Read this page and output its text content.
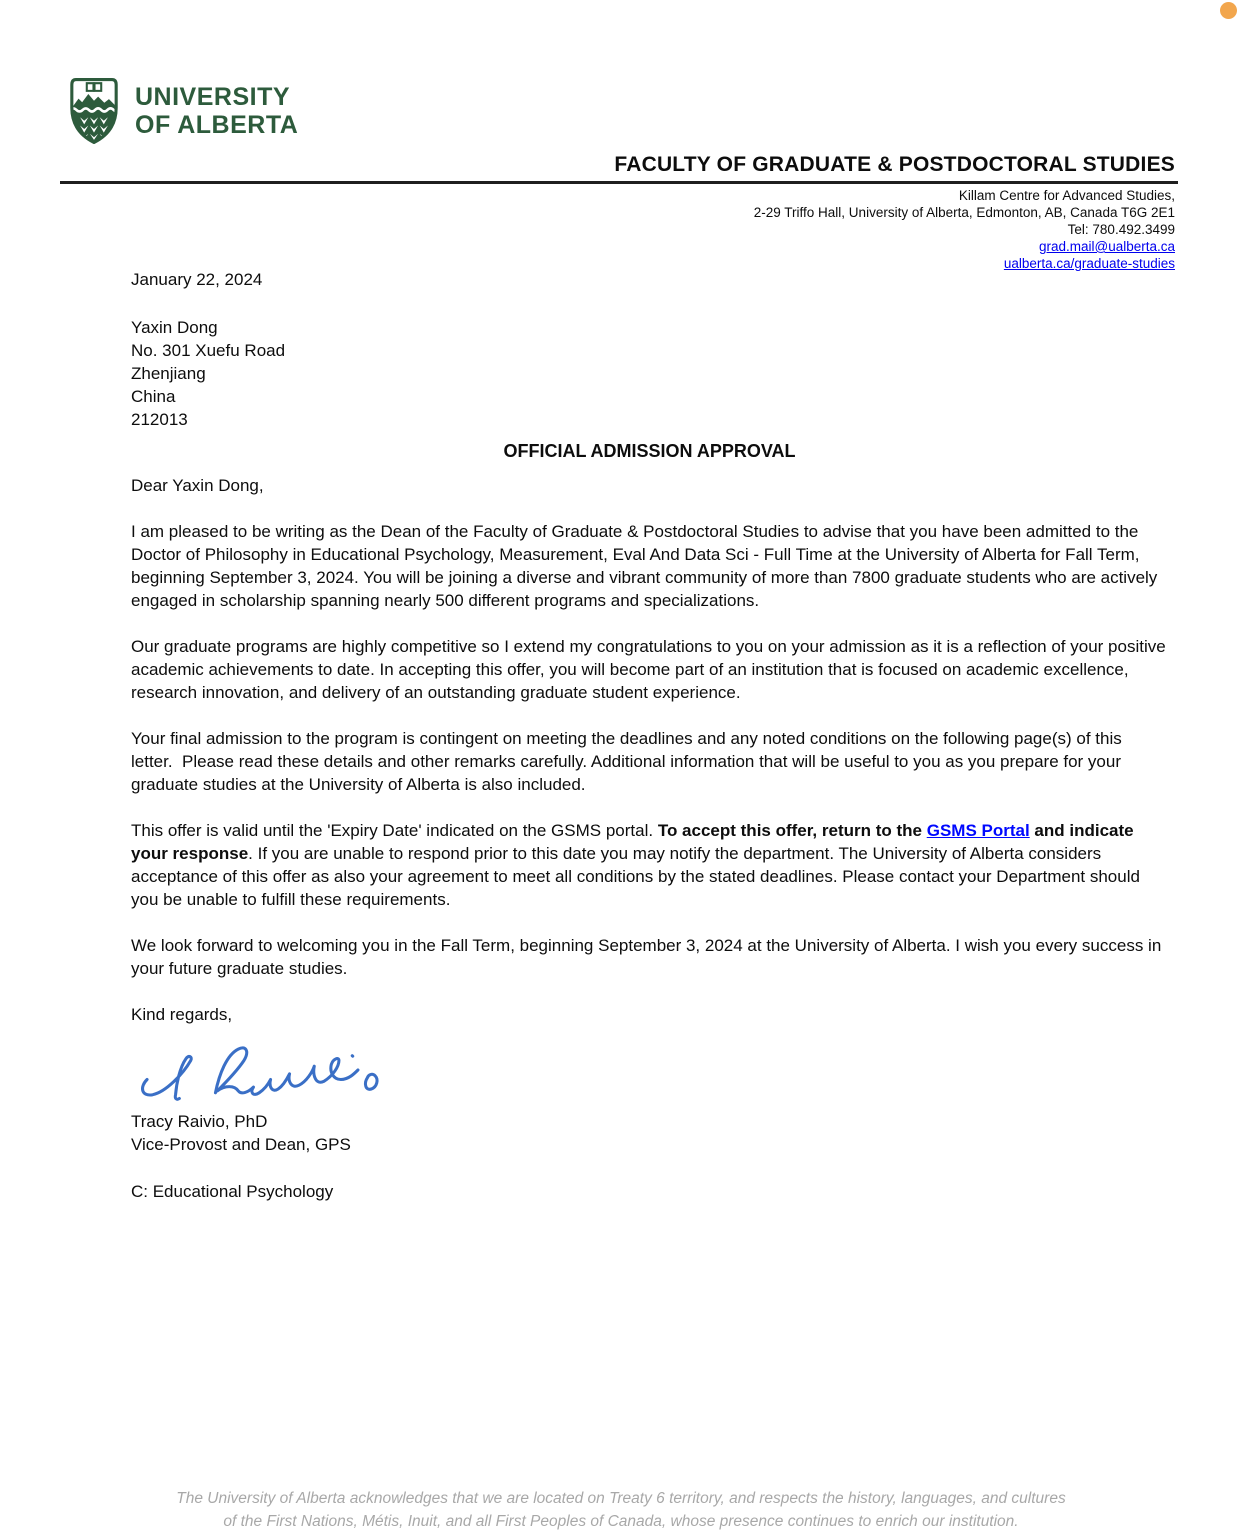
UNIVERSITY
OF ALBERTA
FACULTY OF GRADUATE & POSTDOCTORAL STUDIES
Killam Centre for Advanced Studies,
2-29 Triffo Hall, University of Alberta, Edmonton, AB, Canada T6G 2E1
Tel: 780.492.3499
grad.mail@ualberta.ca
ualberta.ca/graduate-studies
January 22, 2024
Yaxin Dong
No. 301 Xuefu Road
Zhenjiang
China
212013
OFFICIAL ADMISSION APPROVAL
Dear Yaxin Dong,

I am pleased to be writing as the Dean of the Faculty of Graduate & Postdoctoral Studies to advise that you have been admitted to the Doctor of Philosophy in Educational Psychology, Measurement, Eval And Data Sci - Full Time at the University of Alberta for Fall Term, beginning September 3, 2024. You will be joining a diverse and vibrant community of more than 7800 graduate students who are actively engaged in scholarship spanning nearly 500 different programs and specializations.

Our graduate programs are highly competitive so I extend my congratulations to you on your admission as it is a reflection of your positive academic achievements to date. In accepting this offer, you will become part of an institution that is focused on academic excellence, research innovation, and delivery of an outstanding graduate student experience.

Your final admission to the program is contingent on meeting the deadlines and any noted conditions on the following page(s) of this letter.  Please read these details and other remarks carefully. Additional information that will be useful to you as you prepare for your graduate studies at the University of Alberta is also included.

This offer is valid until the 'Expiry Date' indicated on the GSMS portal. To accept this offer, return to the GSMS Portal and indicate your response. If you are unable to respond prior to this date you may notify the department. The University of Alberta considers acceptance of this offer as also your agreement to meet all conditions by the stated deadlines. Please contact your Department should you be unable to fulfill these requirements.

We look forward to welcoming you in the Fall Term, beginning September 3, 2024 at the University of Alberta. I wish you every success in your future graduate studies.

Kind regards,
Tracy Raivio, PhD
Vice-Provost and Dean, GPS
C: Educational Psychology
The University of Alberta acknowledges that we are located on Treaty 6 territory, and respects the history, languages, and cultures
of the First Nations, Métis, Inuit, and all First Peoples of Canada, whose presence continues to enrich our institution.
